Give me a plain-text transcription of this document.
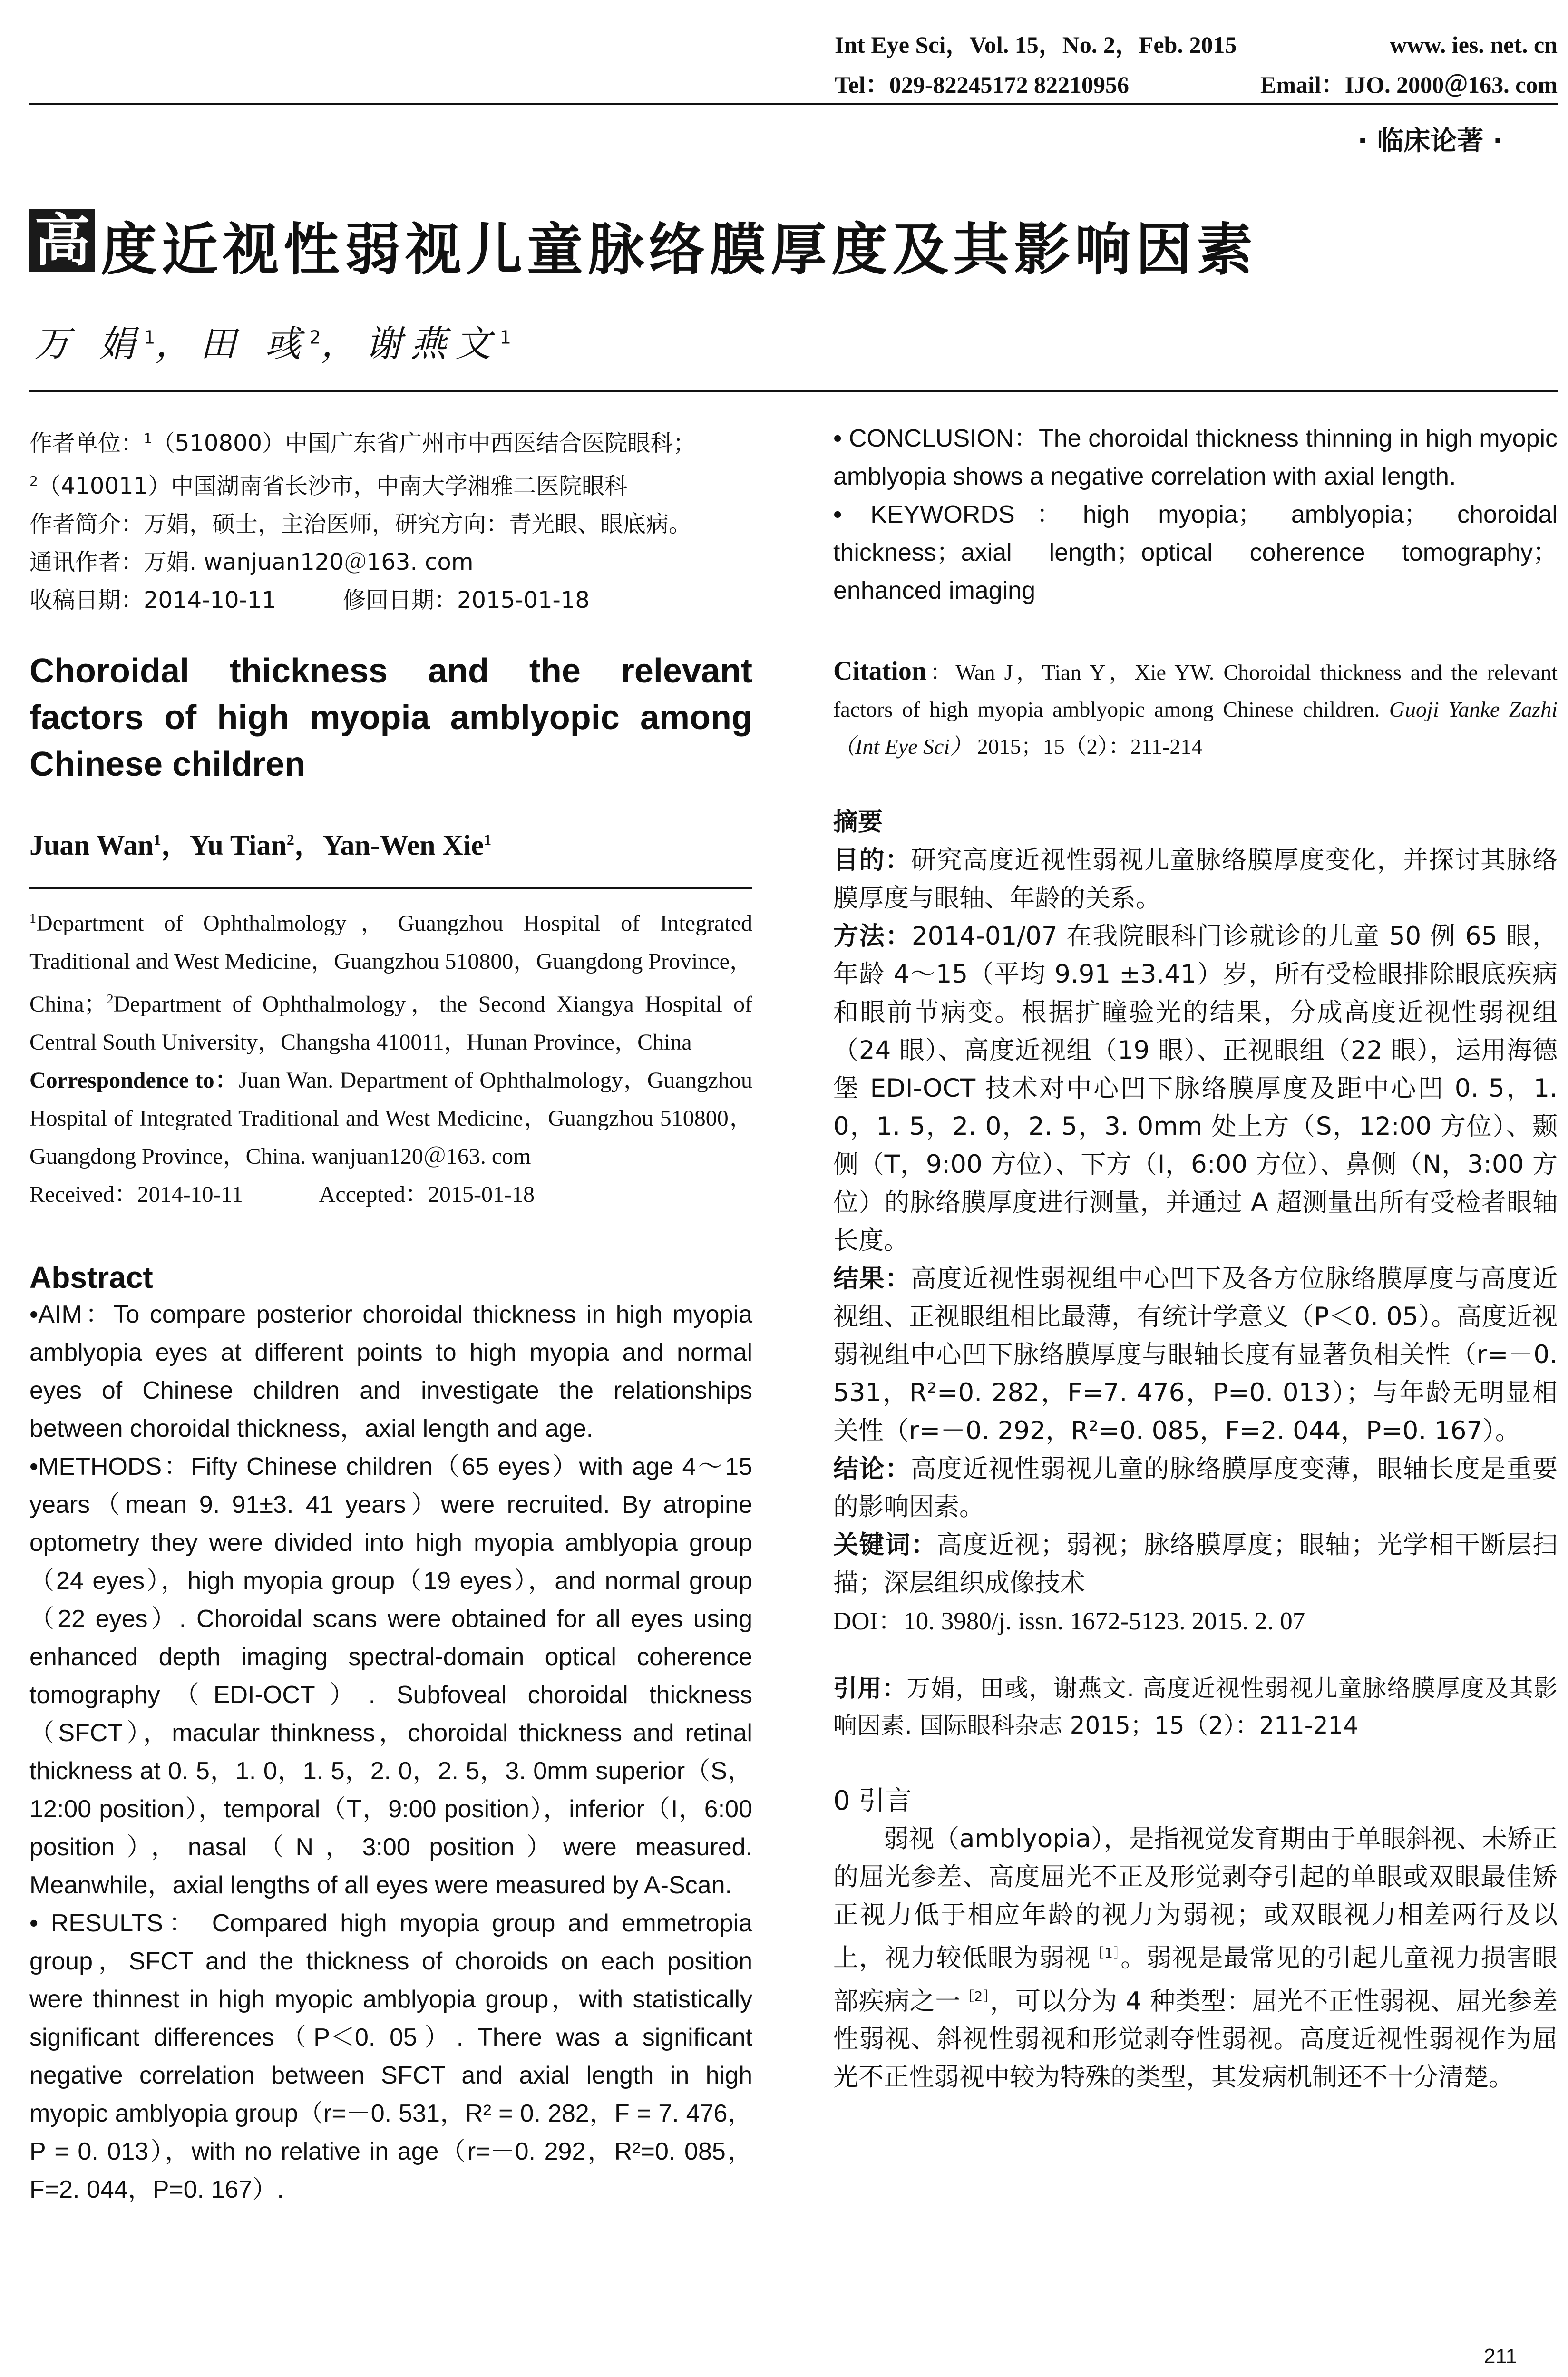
Int Eye Sci，Vol. 15，No. 2，Feb. 2015	www. ies. net. cn
Tel：029-82245172 82210956	Email：IJO. 2000＠163. com
· 临床论著 ·
高 度近视性弱视儿童脉络膜厚度及其影响因素
万 娟$^1$，田 彧$^2$，谢燕文$^1$
作者单位：$^1$（510800）中国广东省广州市中西医结合医院眼科；
$^2$（410011）中国湖南省长沙市，中南大学湘雅二医院眼科
作者简介：万娟，硕士，主治医师，研究方向：青光眼、眼底病。
通讯作者：万娟. wanjuan120＠163. com
收稿日期：2014-10-11	修回日期：2015-01-18
Choroidal thickness and the relevant factors of high myopia amblyopic among Chinese children
Juan Wan$^1$，Yu Tian$^2$，Yan-Wen Xie$^1$
$^1$Department of Ophthalmology，Guangzhou Hospital of Integrated Traditional and West Medicine，Guangzhou 510800，Guangdong Province，China；$^2$Department of Ophthalmology，the Second Xiangya Hospital of Central South University，Changsha 410011，Hunan Province，China
Correspondence to：Juan Wan. Department of Ophthalmology，Guangzhou Hospital of Integrated Traditional and West Medicine，Guangzhou 510800，Guangdong Province，China. wanjuan120＠163. com
Received：2014-10-11	Accepted：2015-01-18
Abstract

•AIM：To compare posterior choroidal thickness in high myopia amblyopia eyes at different points to high myopia and normal eyes of Chinese children and investigate the relationships between choroidal thickness，axial length and age.

•METHODS：Fifty Chinese children（65 eyes）with age 4～15 years（mean 9. 91±3. 41 years）were recruited. By atropine optometry they were divided into high myopia amblyopia group（24 eyes），high myopia group（19 eyes），and normal group（22 eyes）. Choroidal scans were obtained for all eyes using enhanced depth imaging spectral-domain optical coherence tomography（EDI-OCT）. Subfoveal choroidal thickness（SFCT），macular thinkness，choroidal thickness and retinal thickness at 0. 5，1. 0，1. 5，2. 0，2. 5，3. 0mm superior（S，12:00 position），temporal（T，9:00 position），inferior（I，6:00 position），nasal（N，3:00 position）were measured. Meanwhile，axial lengths of all eyes were measured by A-Scan.

• RESULTS： Compared high myopia group and emmetropia group，SFCT and the thickness of choroids on each position were thinnest in high myopic amblyopia group，with statistically significant differences（P＜0. 05）. There was a significant negative correlation between SFCT and axial length in high myopic amblyopia group（r=－0. 531，R² = 0. 282，F = 7. 476，P = 0. 013），with no relative in age（r=－0. 292，R²=0. 085，F=2. 044，P=0. 167）.

• CONCLUSION：The choroidal thickness thinning in high myopic amblyopia shows a negative correlation with axial length.

• KEYWORDS：high myopia； amblyopia； choroidal thickness；axial length；optical coherence tomography；enhanced imaging

Citation：Wan J，Tian Y，Xie YW. Choroidal thickness and the relevant factors of high myopia amblyopic among Chinese children. Guoji Yanke Zazhi（Int Eye Sci） 2015；15（2）：211-214
摘要

目的：研究高度近视性弱视儿童脉络膜厚度变化，并探讨其脉络膜厚度与眼轴、年龄的关系。

方法：2014-01/07 在我院眼科门诊就诊的儿童 50 例 65 眼，年龄 4～15（平均 9.91 ±3.41）岁，所有受检眼排除眼底疾病和眼前节病变。根据扩瞳验光的结果，分成高度近视性弱视组（24 眼）、高度近视组（19 眼）、正视眼组（22 眼），运用海德堡 EDI-OCT 技术对中心凹下脉络膜厚度及距中心凹 0. 5，1. 0，1. 5，2. 0，2. 5，3. 0mm 处上方（S，12:00 方位）、颞侧（T，9:00 方位）、下方（I，6:00 方位）、鼻侧（N，3:00 方位）的脉络膜厚度进行测量，并通过 A 超测量出所有受检者眼轴长度。

结果：高度近视性弱视组中心凹下及各方位脉络膜厚度与高度近视组、正视眼组相比最薄，有统计学意义（P＜0. 05）。高度近视弱视组中心凹下脉络膜厚度与眼轴长度有显著负相关性（r=－0. 531，R²=0. 282，F=7. 476，P=0. 013）；与年龄无明显相关性（r=－0. 292，R²=0. 085，F=2. 044，P=0. 167）。

结论：高度近视性弱视儿童的脉络膜厚度变薄，眼轴长度是重要的影响因素。

关键词：高度近视；弱视；脉络膜厚度；眼轴；光学相干断层扫描；深层组织成像技术

DOI：10. 3980/j. issn. 1672-5123. 2015. 2. 07

引用：万娟，田彧，谢燕文. 高度近视性弱视儿童脉络膜厚度及其影响因素. 国际眼科杂志 2015；15（2）：211-214
0 引言

弱视（amblyopia），是指视觉发育期由于单眼斜视、未矫正的屈光参差、高度屈光不正及形觉剥夺引起的单眼或双眼最佳矫正视力低于相应年龄的视力为弱视；或双眼视力相差两行及以上，视力较低眼为弱视$^{[1]}$。弱视是最常见的引起儿童视力损害眼部疾病之一$^{[2]}$，可以分为 4 种类型：屈光不正性弱视、屈光参差性弱视、斜视性弱视和形觉剥夺性弱视。高度近视性弱视作为屈光不正性弱视中较为特殊的类型，其发病机制还不十分清楚。

211
